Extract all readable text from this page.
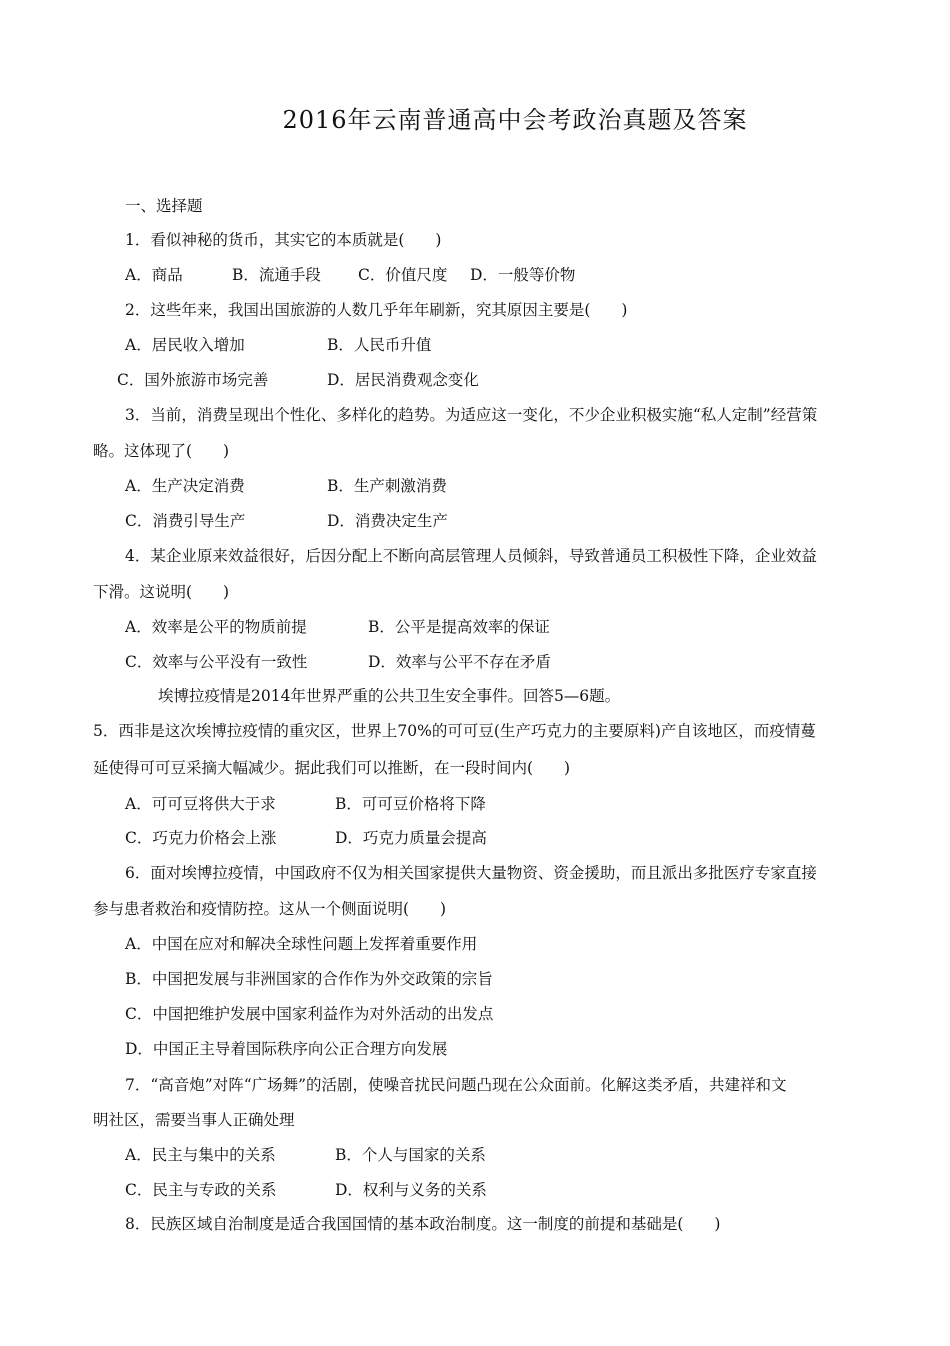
2016年云南普通高中会考政治真题及答案
一、选择题
1．看似神秘的货币，其实它的本质就是(　　)
A．商品	B．流通手段 C．价值尺度 D．一般等价物
2．这些年来，我国出国旅游的人数几乎年年刷新，究其原因主要是(　　)
A．居民收入增加	B．人民币升值
C．国外旅游市场完善	D．居民消费观念变化
3．当前，消费呈现出个性化、多样化的趋势。为适应这一变化，不少企业积极实施“私人定制”经营策
略。这体现了(　　)
A．生产决定消费	B．生产刺激消费
C．消费引导生产	D．消费决定生产
4．某企业原来效益很好，后因分配上不断向高层管理人员倾斜，导致普通员工积极性下降，企业效益
下滑。这说明(　　)
A．效率是公平的物质前提	B．公平是提高效率的保证
C．效率与公平没有一致性	D．效率与公平不存在矛盾
埃博拉疫情是2014年世界严重的公共卫生安全事件。回答5—6题。
5．西非是这次埃博拉疫情的重灾区，世界上70%的可可豆(生产巧克力的主要原料)产自该地区，而疫情蔓
延使得可可豆采摘大幅减少。据此我们可以推断，在一段时间内(　　)
A．可可豆将供大于求	B．可可豆价格将下降
C．巧克力价格会上涨	D．巧克力质量会提高
6．面对埃博拉疫情，中国政府不仅为相关国家提供大量物资、资金援助，而且派出多批医疗专家直接
参与患者救治和疫情防控。这从一个侧面说明(　　)
A．中国在应对和解决全球性问题上发挥着重要作用
B．中国把发展与非洲国家的合作作为外交政策的宗旨
C．中国把维护发展中国家利益作为对外活动的出发点
D．中国正主导着国际秩序向公正合理方向发展
7．“高音炮”对阵“广场舞”的活剧，使噪音扰民问题凸现在公众面前。化解这类矛盾，共建祥和文
明社区，需要当事人正确处理
A．民主与集中的关系	B．个人与国家的关系
C．民主与专政的关系	D．权利与义务的关系
8．民族区域自治制度是适合我国国情的基本政治制度。这一制度的前提和基础是(　　)
